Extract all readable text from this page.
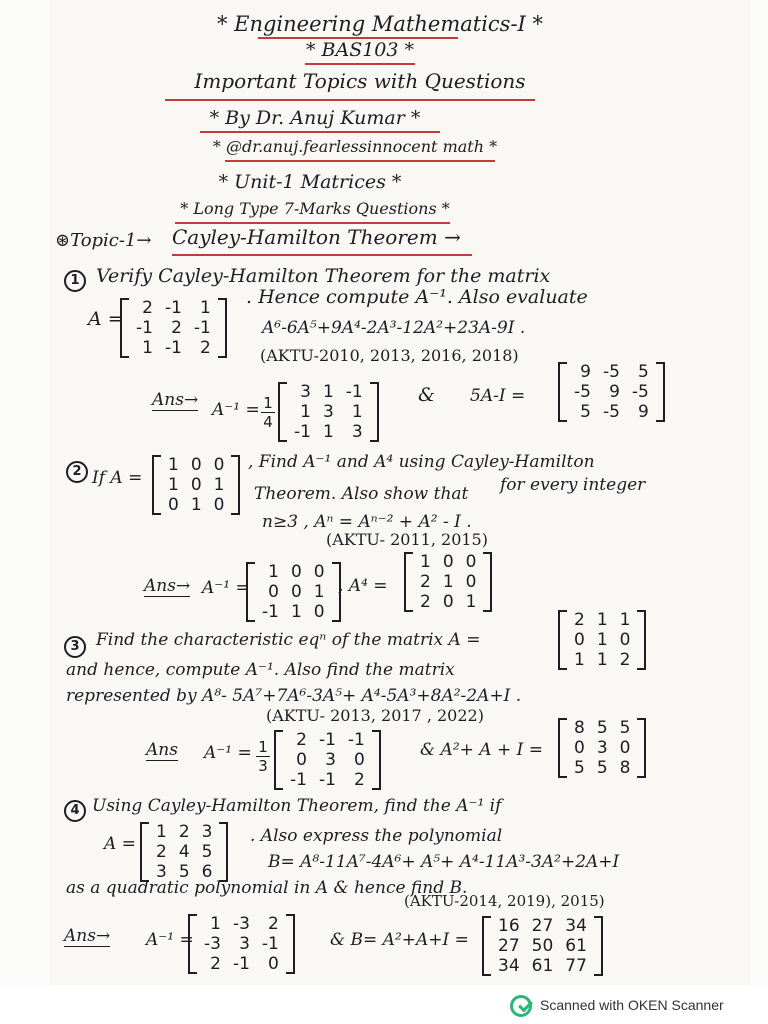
* Engineering Mathematics-I *
* BAS103 *
Important Topics with Questions
* By Dr. Anuj Kumar *
* @dr.anuj.fearlessinnocent math *
* Unit-1 Matrices *
* Long Type 7-Marks Questions *
⊛Topic-1→ Cayley-Hamilton Theorem →
1 Verify Cayley-Hamilton Theorem for the matrix
A = 2	-1	1
-1	2	-1
1	-1	2
. Hence compute A⁻¹. Also evaluate
A⁶-6A⁵+9A⁴-2A³-12A²+23A-9I .
(AKTU-2010, 2013, 2016, 2018)
$Ans\to A^{-1} = \frac{1}{4}$
3	1	-1
1	3	1
-1	1	3
& 5A-I =
9	-5	5
-5	9	-5
5	-5	9
2 If A =
1	0	0
1	0	1
0	1	0
, Find A⁻¹ and A⁴ using Cayley-Hamilton
for every integer
Theorem. Also show that
n≥3 , Aⁿ = Aⁿ⁻² + A² - I .
(AKTU- 2011, 2015)
Ans→ A⁻¹ =
1	0	0
0	0	1
-1	1	0
, A⁴ =
1	0	0
2	1	0
2	0	1
3 Find the characteristic eqⁿ of the matrix A =
2	1	1
0	1	0
1	1	2
and hence, compute A⁻¹. Also find the matrix
represented by A⁸- 5A⁷+7A⁶-3A⁵+ A⁴-5A³+8A²-2A+I .
(AKTU- 2013, 2017 , 2022)
Ans $A^{-1} = \frac{1}{3} 2$	-1	-1
0	3	0
-1	-1	2
& A²+ A + I =
8	5	5
0	3	0
5	5	8
4 Using Cayley-Hamilton Theorem, find the A⁻¹ if
A =
1	2	3
2	4	5
3	5	6
. Also express the polynomial
B= A⁸-11A⁷-4A⁶+ A⁵+ A⁴-11A³-3A²+2A+I
as a quadratic polynomial in A & hence find B.
(AKTU-2014, 2019), 2015)
Ans→ A⁻¹ =
1	-3	2
-3	3	-1
2	-1	0
& B= A²+A+I =
16	27	34
27	50	61
34	61	77
Scanned with OKEN Scanner
